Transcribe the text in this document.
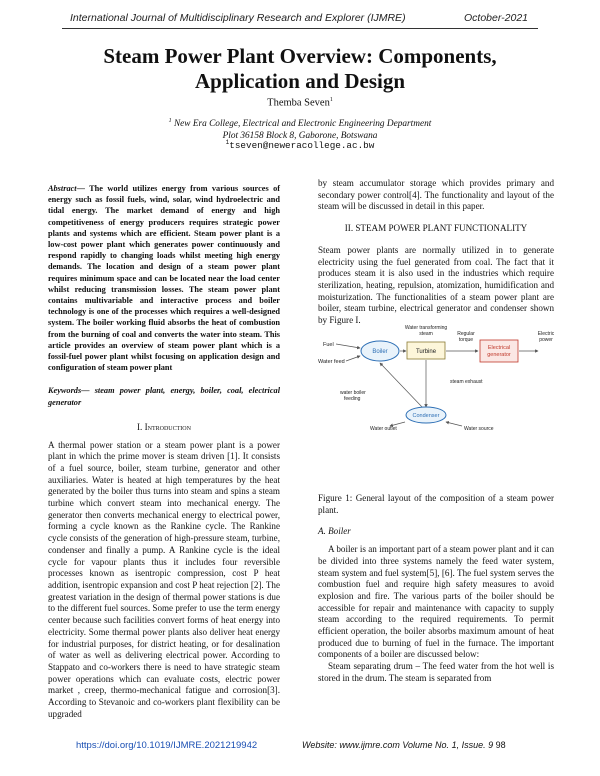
International Journal of Multidisciplinary Research and Explorer (IJMRE)	October-2021
Steam Power Plant Overview: Components,
Application and Design
Themba Seven$^1$
$^1$ New Era College, Electrical and Electronic Engineering Department
Plot 36158 Block 8, Gaborone, Botswana
$^1$tseven@neweracollege.ac.bw

Abstract— The world utilizes energy from various sources of energy such as fossil fuels, wind, solar, wind hydroelectric and tidal energy. The market demand of energy and high competitiveness of energy producers requires strategic power plants and systems which are efficient. Steam power plant is a low-cost power plant which generates power continuously and respond rapidly to changing loads whilst meeting high energy demands. The location and design of a steam power plant requires minimum space and can be located near the load center whilst reducing transmission losses. The steam power plant contains multivariable and interactive process and boiler technology is one of the processes which requires a well-designed system. The boiler working fluid absorbs the heat of combustion from the burning of coal and converts the water into steam. This article provides an overview of steam power plant which is a fossil-fuel power plant whilst focusing on application design and configuration of steam power plant

Keywords— steam power plant, energy, boiler, coal, electrical generator

I. Introduction

A thermal power station or a steam power plant is a power plant in which the prime mover is steam driven [1]. It consists of a fuel source, boiler, steam turbine, generator and other auxiliaries. Water is heated at high temperatures by the heat generated by the boiler thus turns into steam and spins a steam turbine which convert steam into mechanical energy. The generator then converts mechanical energy to electrical power, forming a cycle known as the Rankine cycle. The Rankine cycle consists of the generation of high-pressure steam, turbine, condenser and finally a pump. A Rankine cycle is the ideal cycle for vapour plants thus it includes four reversible processes known as isentropic compression, cost P heat addition, isentropic expansion and cost P heat rejection [2]. The greatest variation in the design of thermal power stations is due to the different fuel sources. Some prefer to use the term energy center because such facilities convert forms of heat energy into electricity. Some thermal power plants also deliver heat energy for industrial purposes, for district heating, or for desalination of water as well as delivering electrical power. According to Stappato and co-workers there is need to have strategic steam power operations which can evaluate costs, electric power market , creep, thermo-mechanical fatigue and corrosion[3]. According to Stevanoic and co-workers plant flexibility can be upgraded

by steam accumulator storage which provides primary and secondary power control[4]. The functionality and layout of the steam will be discussed in detail in this paper.

II. STEAM POWER PLANT FUNCTIONALITY

Steam power plants are normally utilized in to generate electricity using the fuel generated from coal. The fact that it produces steam it is also used in the industries which require sterilization, heating, repulsion, atomization, humidification and moisturization. The functionalities of a steam power plant are boiler, steam turbine, electrical generator and condenser shown by Figure I.

Fuel
Water feed
Boiler
Water transforming
steam
Turbine
Regular
torque
Electrical
generator
Electric
power
water boiler
feeding
steam exhaust
Condenser
Water outlet	Water source

Figure 1: General layout of the composition of a steam power plant.

A. Boiler

A boiler is an important part of a steam power plant and it can be divided into three systems namely the feed water system, steam system and fuel system[5], [6]. The fuel system serves the combustion fuel and require high safety measures to avoid explosion and fire. The various parts of the boiler should be accessible for repair and maintenance with capacity to supply steam according to the required requirements. To permit efficient operation, the boiler absorbs maximum amount of heat produced due to burning of fuel in the furnace. The important components of a boiler are discussed below:

Steam separating drum – The feed water from the hot well is stored in the drum. The steam is separated from

https://doi.org/10.1019/IJMRE.2021219942	Website: www.ijmre.com Volume No. 1, Issue. 9 98
